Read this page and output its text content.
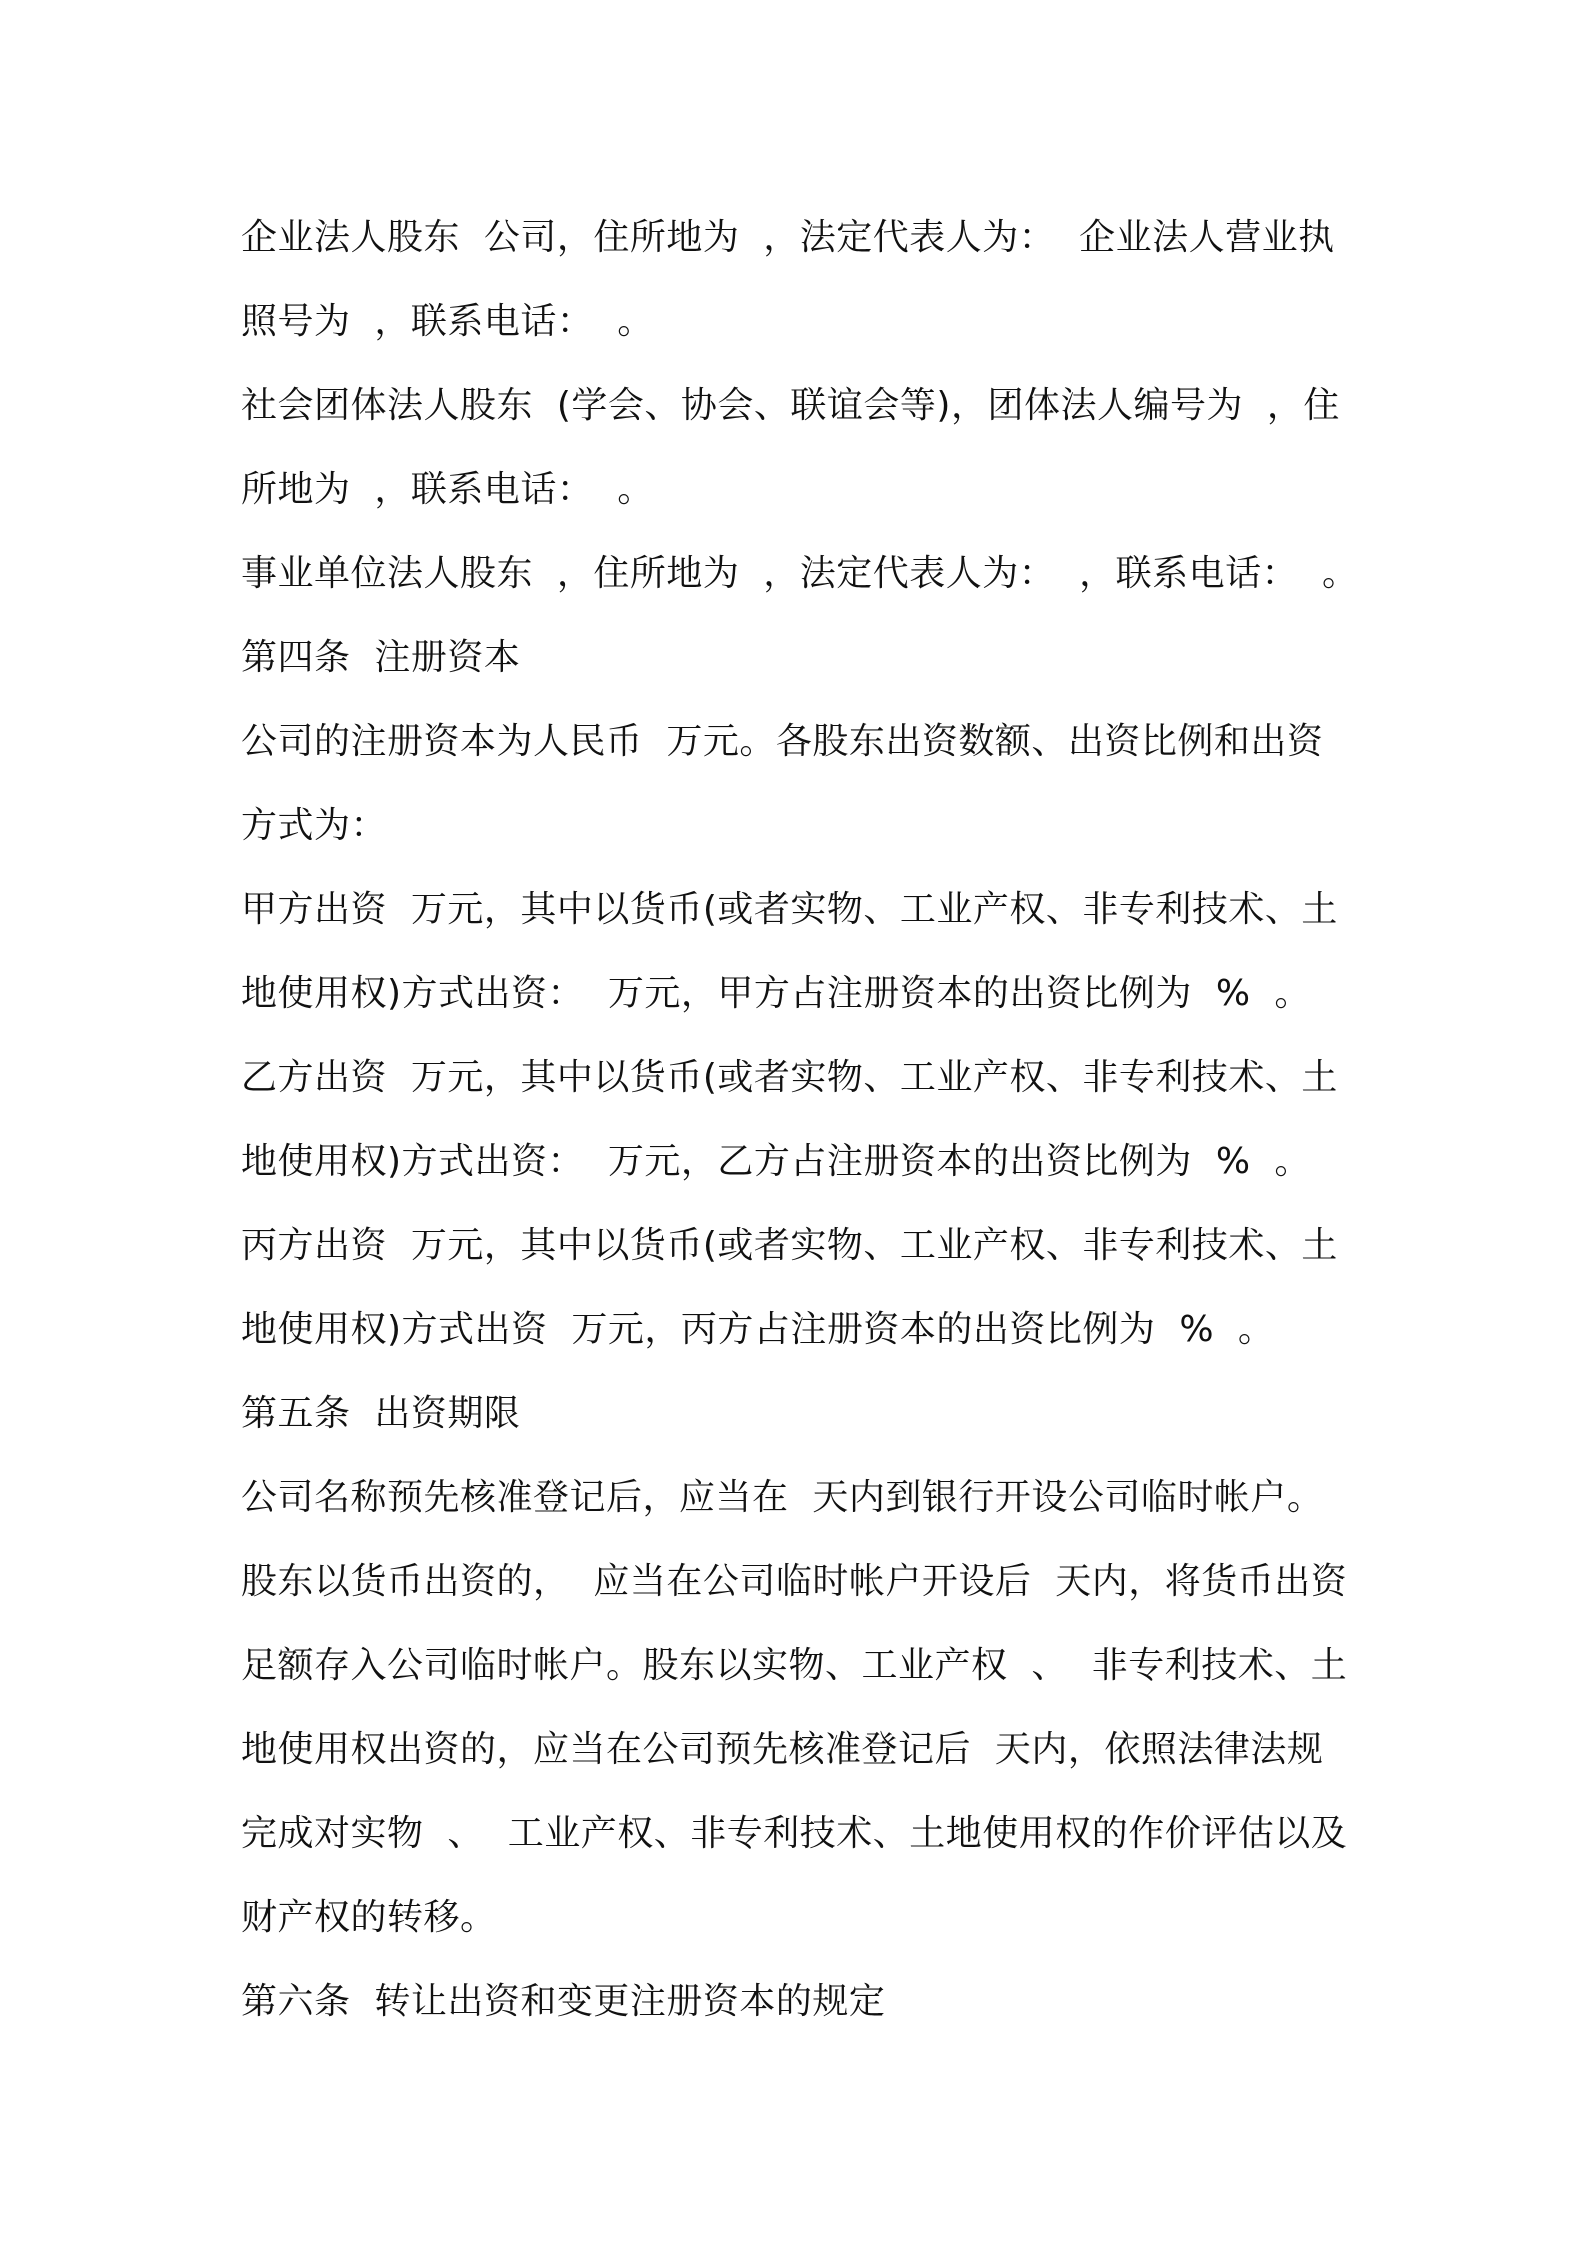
企业法人股东  公司，住所地为  ，法定代表人为：  企业法人营业执
照号为  ，联系电话：  。
社会团体法人股东  (学会、协会、联谊会等)，团体法人编号为  ，住
所地为  ，联系电话：  。
事业单位法人股东  ，住所地为  ，法定代表人为：  ，联系电话：  。
第四条  注册资本
公司的注册资本为人民币  万元。各股东出资数额、出资比例和出资
方式为：
甲方出资  万元，其中以货币(或者实物、工业产权、非专利技术、土
地使用权)方式出资：  万元，甲方占注册资本的出资比例为  %  。
乙方出资  万元，其中以货币(或者实物、工业产权、非专利技术、土
地使用权)方式出资：  万元，乙方占注册资本的出资比例为  %  。
丙方出资  万元，其中以货币(或者实物、工业产权、非专利技术、土
地使用权)方式出资  万元，丙方占注册资本的出资比例为  %  。
第五条  出资期限
公司名称预先核准登记后，应当在  天内到银行开设公司临时帐户。
股东以货币出资的，  应当在公司临时帐户开设后  天内，将货币出资
足额存入公司临时帐户。股东以实物、工业产权  、  非专利技术、土
地使用权出资的，应当在公司预先核准登记后  天内，依照法律法规
完成对实物  、  工业产权、非专利技术、土地使用权的作价评估以及
财产权的转移。
第六条  转让出资和变更注册资本的规定
